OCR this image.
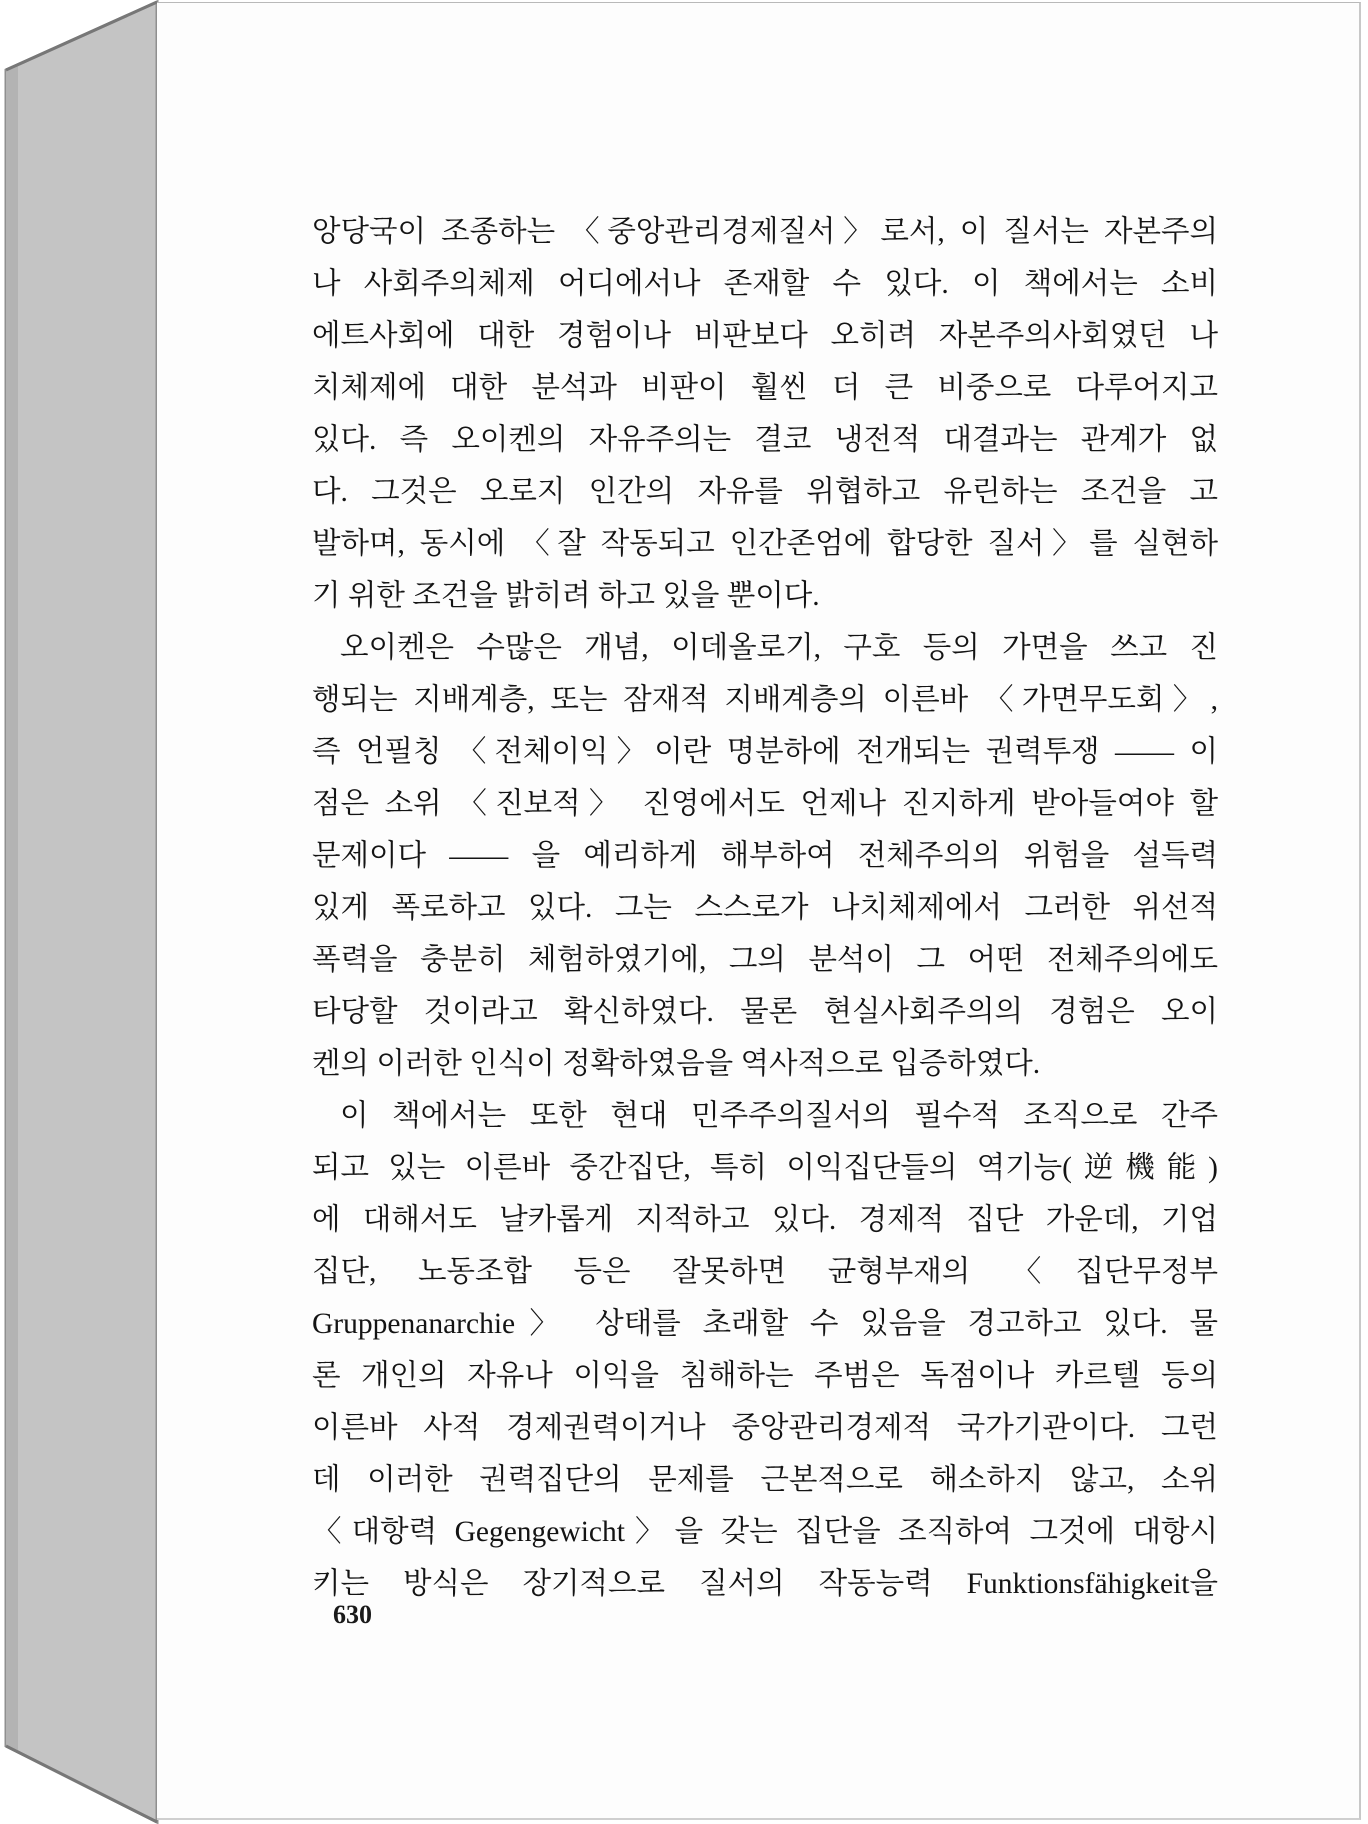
앙당국이 조종하는 〈중앙관리경제질서〉로서, 이 질서는 자본주의
나 사회주의체제 어디에서나 존재할 수 있다. 이 책에서는 소비
에트사회에 대한 경험이나 비판보다 오히려 자본주의사회였던 나
치체제에 대한 분석과 비판이 훨씬 더 큰 비중으로 다루어지고
있다. 즉 오이켄의 자유주의는 결코 냉전적 대결과는 관계가 없
다. 그것은 오로지 인간의 자유를 위협하고 유린하는 조건을 고
발하며, 동시에 〈잘 작동되고 인간존엄에 합당한 질서〉를 실현하
기 위한 조건을 밝히려 하고 있을 뿐이다.
오이켄은 수많은 개념, 이데올로기, 구호 등의 가면을 쓰고 진
행되는 지배계층, 또는 잠재적 지배계층의 이른바 〈가면무도회〉,
즉 언필칭 〈전체이익〉이란 명분하에 전개되는 권력투쟁 —— 이
점은 소위 〈진보적〉 진영에서도 언제나 진지하게 받아들여야 할
문제이다 —— 을 예리하게 해부하여 전체주의의 위험을 설득력
있게 폭로하고 있다. 그는 스스로가 나치체제에서 그러한 위선적
폭력을 충분히 체험하였기에, 그의 분석이 그 어떤 전체주의에도
타당할 것이라고 확신하였다. 물론 현실사회주의의 경험은 오이
켄의 이러한 인식이 정확하였음을 역사적으로 입증하였다.
이 책에서는 또한 현대 민주주의질서의 필수적 조직으로 간주
되고 있는 이른바 중간집단, 특히 이익집단들의 역기능(逆機能)
에 대해서도 날카롭게 지적하고 있다. 경제적 집단 가운데, 기업
집단, 노동조합 등은 잘못하면 균형부재의 〈집단무정부
Gruppenanarchie〉 상태를 초래할 수 있음을 경고하고 있다. 물
론 개인의 자유나 이익을 침해하는 주범은 독점이나 카르텔 등의
이른바 사적 경제권력이거나 중앙관리경제적 국가기관이다. 그런
데 이러한 권력집단의 문제를 근본적으로 해소하지 않고, 소위
〈대항력 Gegengewicht〉을 갖는 집단을 조직하여 그것에 대항시
키는 방식은 장기적으로 질서의 작동능력 Funktionsfähigkeit을
630
